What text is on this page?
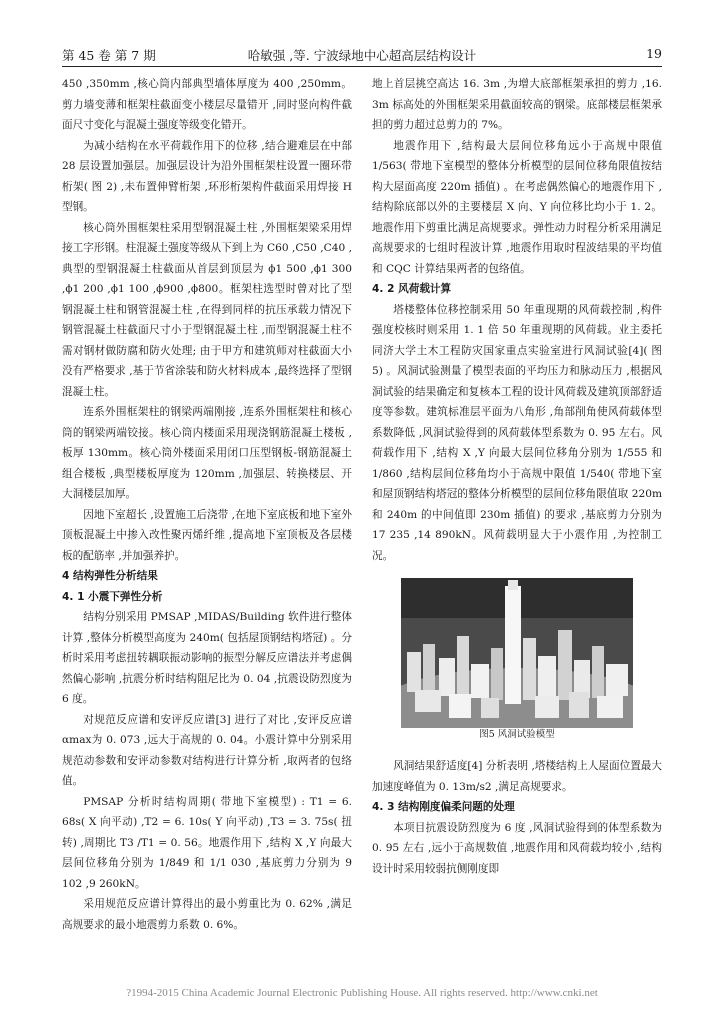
第 45 卷 第 7 期	哈敏强 ,等. 宁波绿地中心超高层结构设计	19

450 ,350mm ,核心筒内部典型墙体厚度为 400 ,250mm。剪力墙变薄和框架柱截面变小楼层尽量错开 ,同时竖向构件截面尺寸变化与混凝土强度等级变化错开。

为减小结构在水平荷载作用下的位移 ,结合避难层在中部 28 层设置加强层。加强层设计为沿外围框架柱设置一圈环带桁架( 图 2) ,未布置伸臂桁架 ,环形桁架构件截面采用焊接 H 型钢。

核心筒外围框架柱采用型钢混凝土柱 ,外围框架梁采用焊接工字形钢。柱混凝土强度等级从下到上为 C60 ,C50 ,C40 ,典型的型钢混凝土柱截面从首层到顶层为 ϕ1 500 ,ϕ1 300 ,ϕ1 200 ,ϕ1 100 ,ϕ900 ,ϕ800。框架柱选型时曾对比了型钢混凝土柱和钢管混凝土柱 ,在得到同样的抗压承载力情况下钢管混凝土柱截面尺寸小于型钢混凝土柱 ,而型钢混凝土柱不需对钢材做防腐和防火处理; 由于甲方和建筑师对柱截面大小没有严格要求 ,基于节省涂装和防火材料成本 ,最终选择了型钢混凝土柱。

连系外围框架柱的钢梁两端刚接 ,连系外围框架柱和核心筒的钢梁两端铰接。核心筒内楼面采用现浇钢筋混凝土楼板 ,板厚 130mm。核心筒外楼面采用闭口压型钢板-钢筋混凝土组合楼板 ,典型楼板厚度为 120mm ,加强层、转换楼层、开大洞楼层加厚。

因地下室超长 ,设置施工后浇带 ,在地下室底板和地下室外顶板混凝土中掺入改性聚丙烯纤维 ,提高地下室顶板及各层楼板的配筋率 ,并加强养护。

4 结构弹性分析结果

4. 1 小震下弹性分析

结构分别采用 PMSAP ,MIDAS/Building 软件进行整体计算 ,整体分析模型高度为 240m( 包括屋顶钢结构塔冠) 。分析时采用考虑扭转耦联振动影响的振型分解反应谱法并考虑偶然偏心影响 ,抗震分析时结构阻尼比为 0. 04 ,抗震设防烈度为 6 度。

对规范反应谱和安评反应谱[3] 进行了对比 ,安评反应谱 αmax为 0. 073 ,远大于高规的 0. 04。小震计算中分别采用规范动参数和安评动参数对结构进行计算分析 ,取两者的包络值。

PMSAP 分析时结构周期( 带地下室模型) : T1 = 6. 68s( X 向平动) ,T2 = 6. 10s( Y 向平动) ,T3 = 3. 75s( 扭转) ,周期比 T3 /T1 = 0. 56。地震作用下 ,结构 X ,Y 向最大层间位移角分别为 1/849 和 1/1 030 ,基底剪力分别为 9 102 ,9 260kN。

采用规范反应谱计算得出的最小剪重比为 0. 62% ,满足高规要求的最小地震剪力系数 0. 6%。

地上首层挑空高达 16. 3m ,为增大底部框架承担的剪力 ,16. 3m 标高处的外围框架采用截面较高的钢梁。底部楼层框架承担的剪力超过总剪力的 7%。

地震作用下 ,结构最大层间位移角远小于高规中限值 1/563( 带地下室模型的整体分析模型的层间位移角限值按结构大屋面高度 220m 插值) 。在考虑偶然偏心的地震作用下 ,结构除底部以外的主要楼层 X 向、Y 向位移比均小于 1. 2。地震作用下剪重比满足高规要求。弹性动力时程分析采用满足高规要求的七组时程波计算 ,地震作用取时程波结果的平均值和 CQC 计算结果两者的包络值。

4. 2 风荷载计算

塔楼整体位移控制采用 50 年重现期的风荷载控制 ,构件强度校核时则采用 1. 1 倍 50 年重现期的风荷载。业主委托同济大学土木工程防灾国家重点实验室进行风洞试验[4]( 图 5) 。风洞试验测量了模型表面的平均压力和脉动压力 ,根据风洞试验的结果确定和复核本工程的设计风荷载及建筑顶部舒适度等参数。建筑标准层平面为八角形 ,角部削角使风荷载体型系数降低 ,风洞试验得到的风荷载体型系数为 0. 95 左右。风荷载作用下 ,结构 X ,Y 向最大层间位移角分别为 1/555 和 1/860 ,结构层间位移角均小于高规中限值 1/540( 带地下室和屋顶钢结构塔冠的整体分析模型的层间位移角限值取 220m 和 240m 的中间值即 230m 插值) 的要求 ,基底剪力分别为 17 235 ,14 890kN。风荷载明显大于小震作用 ,为控制工况。

图5 风洞试验模型

风洞结果舒适度[4] 分析表明 ,塔楼结构上人屋面位置最大加速度峰值为 0. 13m/s2 ,满足高规要求。

4. 3 结构刚度偏柔问题的处理

本项目抗震设防烈度为 6 度 ,风洞试验得到的体型系数为 0. 95 左右 ,远小于高规数值 ,地震作用和风荷载均较小 ,结构设计时采用较弱抗侧刚度即

?1994-2015 China Academic Journal Electronic Publishing House. All rights reserved. http://www.cnki.net
